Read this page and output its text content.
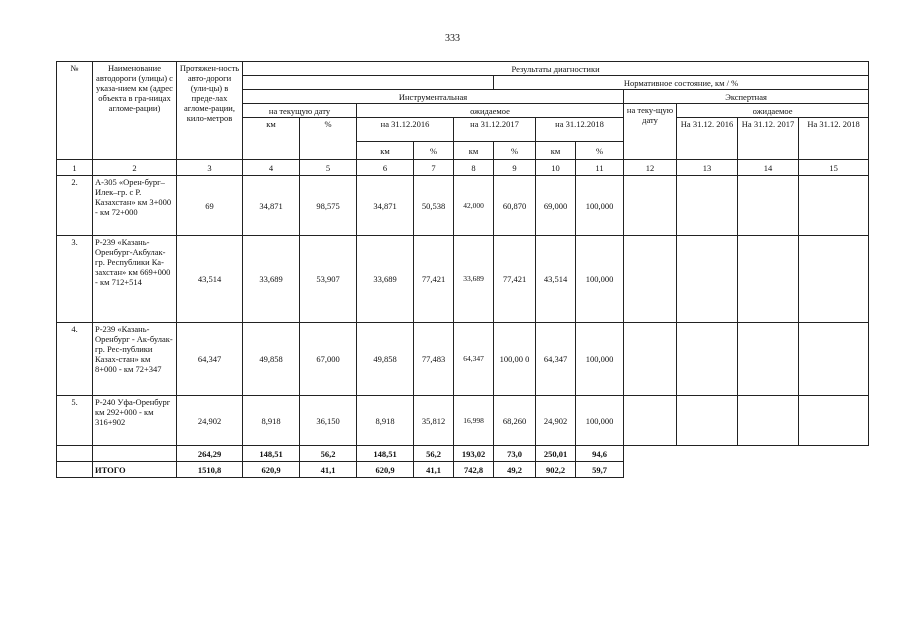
333
№	Наименование автодороги (улицы) с указа-нием км (адрес объекта в гра-ницах агломе-рации)	Протяжен-ность авто-дороги (ули-цы) в преде-лах агломе-рации, кило-метров	Результаты диагностики											
								Нормативное состояние, км / %						
			Инструментальная								Экспертная			
			на текущую дату		ожидаемое						на теку-щую дату	ожидаемое		
			км	%	на 31.12.2016		на 31.12.2017		на 31.12.2018			На 31.12. 2016	На 31.12. 2017	На 31.12. 2018
					км	%	км	%	км	%				
1	2	3	4	5	6	7	8	9	10	11	12	13	14	15
2.	А-305 «Орен-бург–Илек–гр. с Р. Казахстан» км 3+000 - км 72+000	69	34,871	98,575	34,871	50,538	42,000	60,870	69,000	100,000				
3.	Р-239 «Казань-Оренбург-Акбулак-гр. Республики Ка-захстан» км 669+000 - км 712+514	43,514	33,689	53,907	33,689	77,421	33,689	77,421	43,514	100,000				
4.	Р-239 «Казань-Оренбург - Ак-булак-гр. Рес-публики Казах-стан» км 8+000 - км 72+347	64,347	49,858	67,000	49,858	77,483	64,347	100,00 0	64,347	100,000				
5.	Р-240 Уфа-Оренбург км 292+000 - км 316+902	24,902	8,918	36,150	8,918	35,812	16,998	68,260	24,902	100,000				
		264,29	148,51	56,2	148,51	56,2	193,02	73,0	250,01	94,6				
	ИТОГО	1510,8	620,9	41,1	620,9	41,1	742,8	49,2	902,2	59,7				
